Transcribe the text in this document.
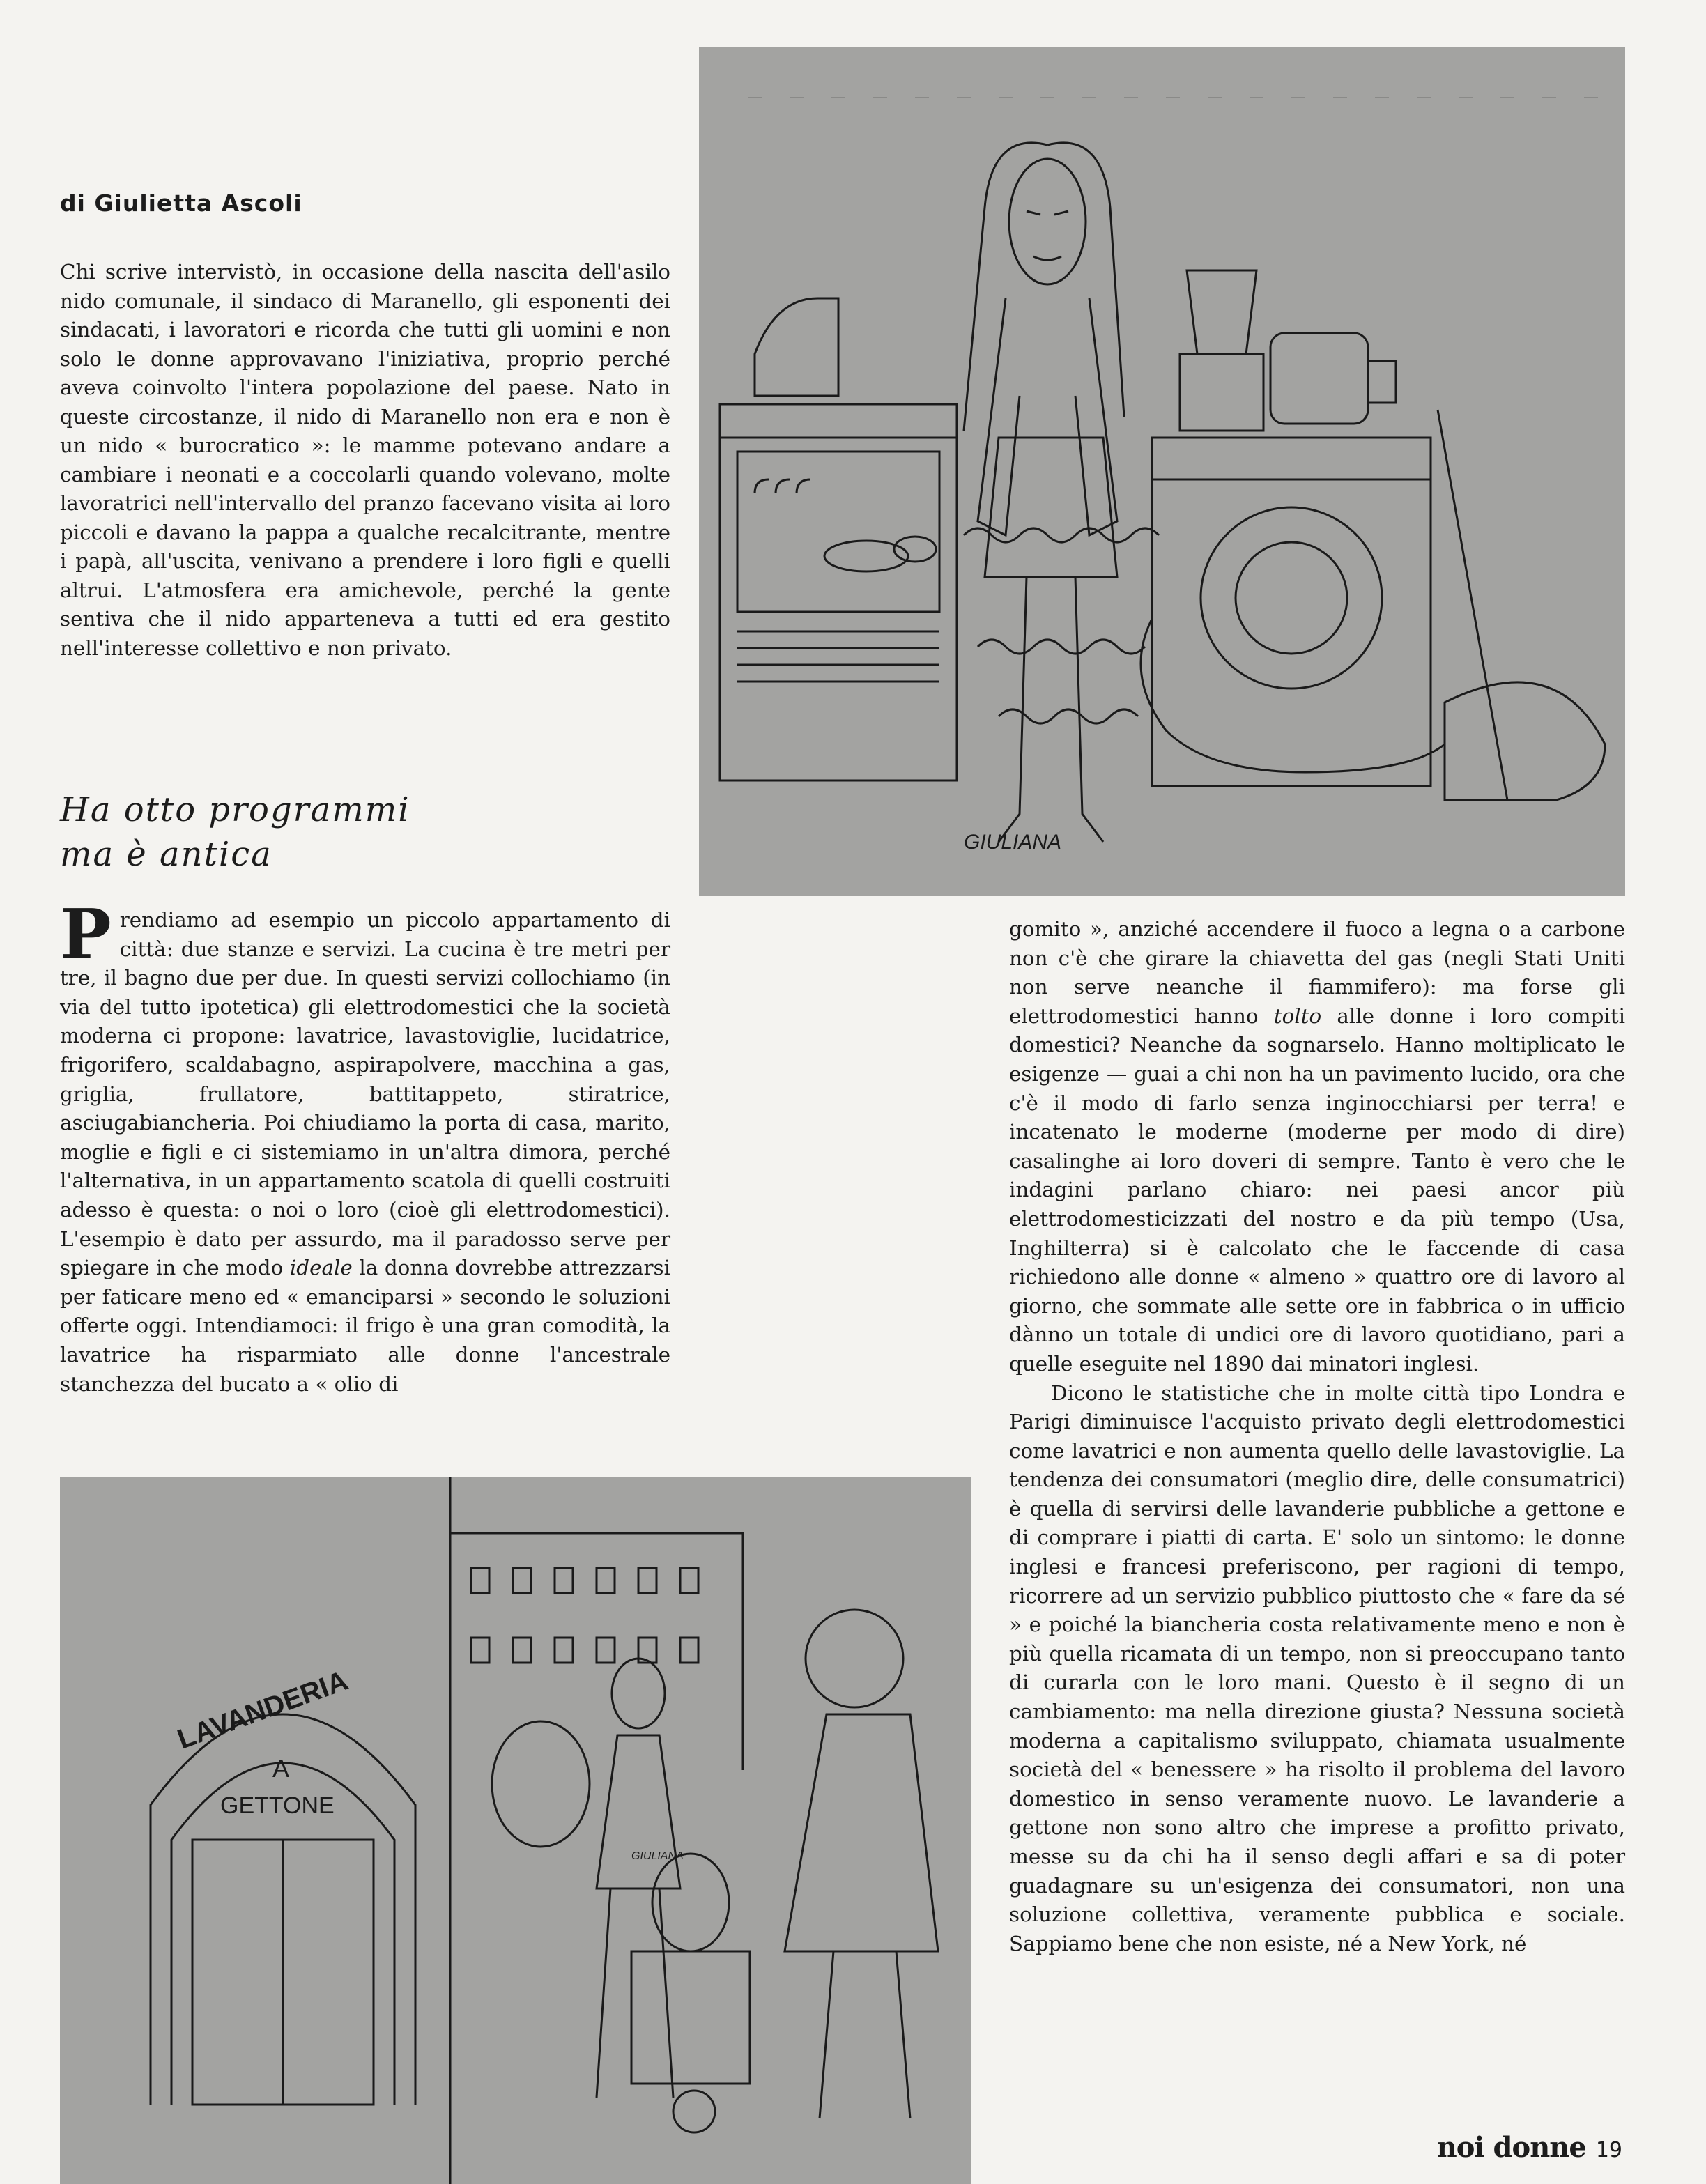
GIULIANA
LAVANDERIA
A
GETTONE
GIULIANA
di Giulietta Ascoli
Chi scrive intervistò, in occasione della nascita dell'asilo nido comunale, il sindaco di Maranello, gli esponenti dei sindacati, i lavoratori e ricorda che tutti gli uomini e non solo le donne approvavano l'iniziativa, proprio perché aveva coinvolto l'intera popolazione del paese. Nato in queste circostanze, il nido di Maranello non era e non è un nido « burocratico »: le mamme potevano andare a cambiare i neonati e a coccolarli quando volevano, molte lavoratrici nell'intervallo del pranzo facevano visita ai loro piccoli e davano la pappa a qualche recalcitrante, mentre i papà, all'uscita, venivano a prendere i loro figli e quelli altrui. L'atmosfera era amichevole, perché la gente sentiva che il nido apparteneva a tutti ed era gestito nell'interesse collettivo e non privato.
Ha otto programmi
ma è antica
Prendiamo ad esempio un piccolo appartamento di città: due stanze e servizi. La cucina è tre metri per tre, il bagno due per due. In questi servizi collochiamo (in via del tutto ipotetica) gli elettrodomestici che la società moderna ci propone: lavatrice, lavastoviglie, lucidatrice, frigorifero, scaldabagno, aspirapolvere, macchina a gas, griglia, frullatore, battitappeto, stiratrice, asciugabiancheria. Poi chiudiamo la porta di casa, marito, moglie e figli e ci sistemiamo in un'altra dimora, perché l'alternativa, in un appartamento scatola di quelli costruiti adesso è questa: o noi o loro (cioè gli elettrodomestici). L'esempio è dato per assurdo, ma il paradosso serve per spiegare in che modo ideale la donna dovrebbe attrezzarsi per faticare meno ed « emanciparsi » secondo le soluzioni offerte oggi. Intendiamoci: il frigo è una gran comodità, la lavatrice ha risparmiato alle donne l'ancestrale stanchezza del bucato a « olio di

gomito », anziché accendere il fuoco a legna o a carbone non c'è che girare la chiavetta del gas (negli Stati Uniti non serve neanche il fiammifero): ma forse gli elettrodomestici hanno tolto alle donne i loro compiti domestici? Neanche da sognarselo. Hanno moltiplicato le esigenze — guai a chi non ha un pavimento lucido, ora che c'è il modo di farlo senza inginocchiarsi per terra! e incatenato le moderne (moderne per modo di dire) casalinghe ai loro doveri di sempre. Tanto è vero che le indagini parlano chiaro: nei paesi ancor più elettrodomesticizzati del nostro e da più tempo (Usa, Inghilterra) si è calcolato che le faccende di casa richiedono alle donne « almeno » quattro ore di lavoro al giorno, che sommate alle sette ore in fabbrica o in ufficio dànno un totale di undici ore di lavoro quotidiano, pari a quelle eseguite nel 1890 dai minatori inglesi.

Dicono le statistiche che in molte città tipo Londra e Parigi diminuisce l'acquisto privato degli elettrodomestici come lavatrici e non aumenta quello delle lavastoviglie. La tendenza dei consumatori (meglio dire, delle consumatrici) è quella di servirsi delle lavanderie pubbliche a gettone e di comprare i piatti di carta. E' solo un sintomo: le donne inglesi e francesi preferiscono, per ragioni di tempo, ricorrere ad un servizio pubblico piuttosto che « fare da sé » e poiché la biancheria costa relativamente meno e non è più quella ricamata di un tempo, non si preoccupano tanto di curarla con le loro mani. Questo è il segno di un cambiamento: ma nella direzione giusta? Nessuna società moderna a capitalismo sviluppato, chiamata usualmente società del « benessere » ha risolto il problema del lavoro domestico in senso veramente nuovo. Le lavanderie a gettone non sono altro che imprese a profitto privato, messe su da chi ha il senso degli affari e sa di poter guadagnare su un'esigenza dei consumatori, non una soluzione collettiva, veramente pubblica e sociale. Sappiamo bene che non esiste, né a New York, né

noi donne 19
